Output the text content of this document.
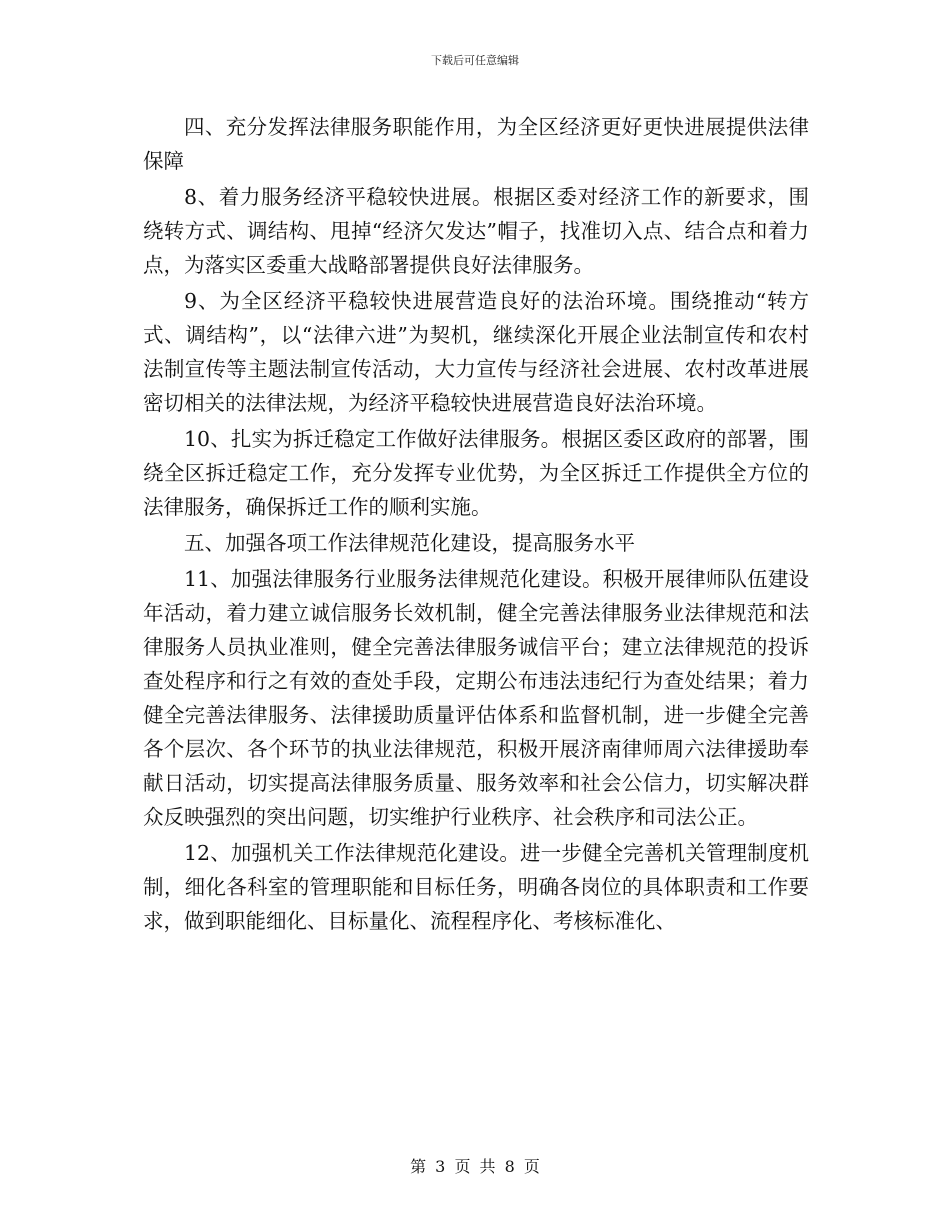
下载后可任意编辑

四、充分发挥法律服务职能作用，为全区经济更好更快进展提供法律保障

8、着力服务经济平稳较快进展。根据区委对经济工作的新要求，围绕转方式、调结构、甩掉“经济欠发达”帽子，找准切入点、结合点和着力点，为落实区委重大战略部署提供良好法律服务。

9、为全区经济平稳较快进展营造良好的法治环境。围绕推动“转方式、调结构”，以“法律六进”为契机，继续深化开展企业法制宣传和农村法制宣传等主题法制宣传活动，大力宣传与经济社会进展、农村改革进展密切相关的法律法规，为经济平稳较快进展营造良好法治环境。

10、扎实为拆迁稳定工作做好法律服务。根据区委区政府的部署，围绕全区拆迁稳定工作，充分发挥专业优势，为全区拆迁工作提供全方位的法律服务，确保拆迁工作的顺利实施。

五、加强各项工作法律规范化建设，提高服务水平

11、加强法律服务行业服务法律规范化建设。积极开展律师队伍建设年活动，着力建立诚信服务长效机制，健全完善法律服务业法律规范和法律服务人员执业准则，健全完善法律服务诚信平台；建立法律规范的投诉查处程序和行之有效的查处手段，定期公布违法违纪行为查处结果；着力健全完善法律服务、法律援助质量评估体系和监督机制，进一步健全完善各个层次、各个环节的执业法律规范，积极开展济南律师周六法律援助奉献日活动，切实提高法律服务质量、服务效率和社会公信力，切实解决群众反映强烈的突出问题，切实维护行业秩序、社会秩序和司法公正。

12、加强机关工作法律规范化建设。进一步健全完善机关管理制度机制，细化各科室的管理职能和目标任务，明确各岗位的具体职责和工作要求，做到职能细化、目标量化、流程程序化、考核标准化、

第 3 页 共 8 页
